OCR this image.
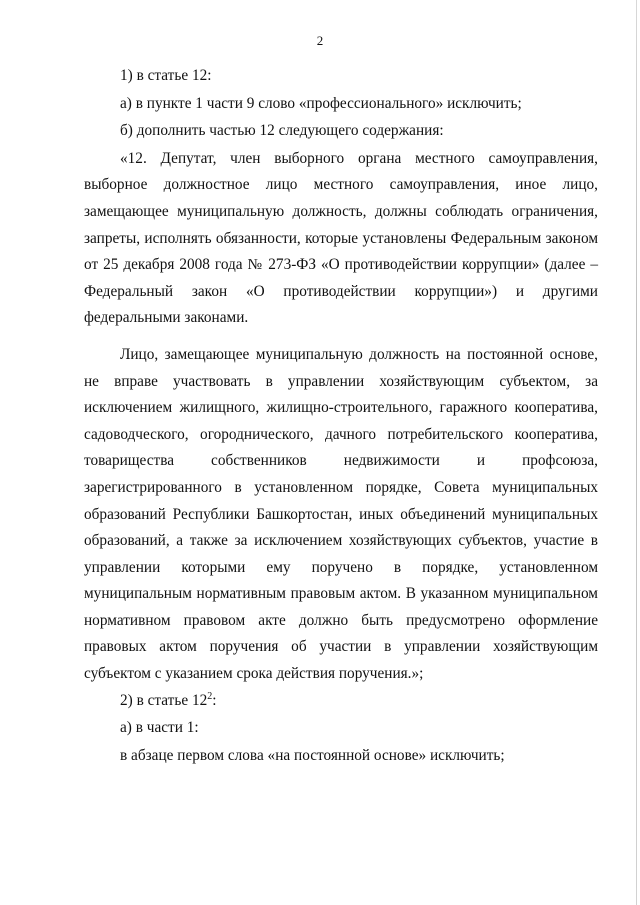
2

1) в статье 12:

а) в пункте 1 части 9 слово «профессионального» исключить;

б) дополнить частью 12 следующего содержания:

«12. Депутат, член выборного органа местного самоуправления, выборное должностное лицо местного самоуправления, иное лицо, замещающее муниципальную должность, должны соблюдать ограничения, запреты, исполнять обязанности, которые установлены Федеральным законом от 25 декабря 2008 года № 273-ФЗ «О противодействии коррупции» (далее – Федеральный закон «О противодействии коррупции») и другими федеральными законами.

Лицо, замещающее муниципальную должность на постоянной основе, не вправе участвовать в управлении хозяйствующим субъектом, за исключением жилищного, жилищно-строительного, гаражного кооператива, садоводческого, огороднического, дачного потребительского кооператива, товарищества собственников недвижимости и профсоюза, зарегистрированного в установленном порядке, Совета муниципальных образований Республики Башкортостан, иных объединений муниципальных образований, а также за исключением хозяйствующих субъектов, участие в управлении которыми ему поручено в порядке, установленном муниципальным нормативным правовым актом. В указанном муниципальном нормативном правовом акте должно быть предусмотрено оформление правовых актом поручения об участии в управлении хозяйствующим субъектом с указанием срока действия поручения.»;

2) в статье $12^2$:

а) в части 1:

в абзаце первом слова «на постоянной основе» исключить;
